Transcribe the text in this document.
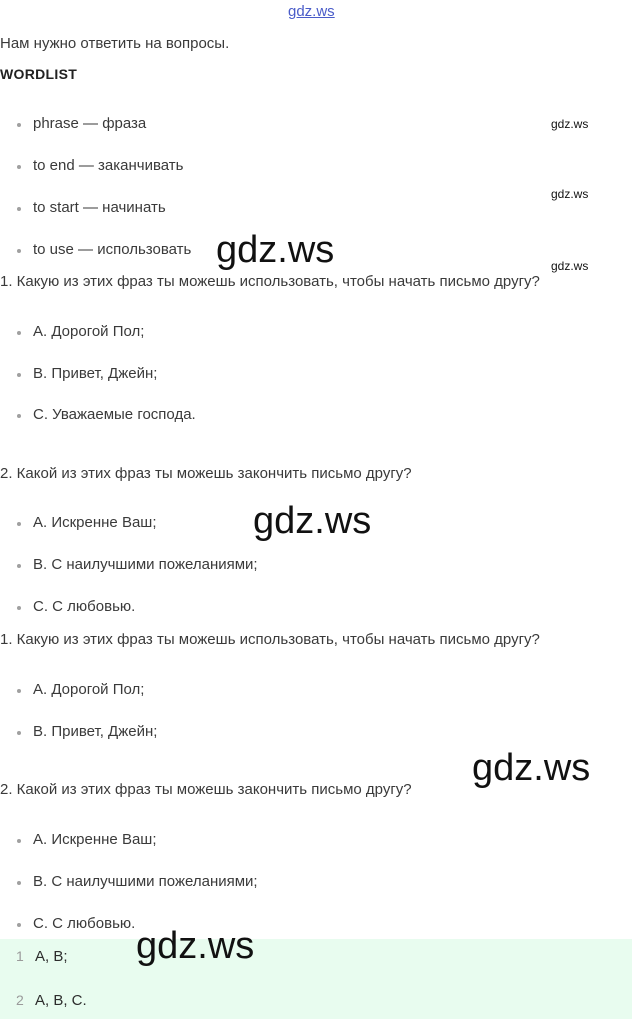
gdz.ws
Нам нужно ответить на вопросы.
WORDLIST
phrase — фраза
to end — заканчивать
to start — начинать
to use — использовать
1. Какую из этих фраз ты можешь использовать, чтобы начать письмо другу?
A. Дорогой Пол;
B. Привет, Джейн;
C. Уважаемые господа.
2. Какой из этих фраз ты можешь закончить письмо другу?
A. Искренне Ваш;
B. С наилучшими пожеланиями;
C. С любовью.
1. Какую из этих фраз ты можешь использовать, чтобы начать письмо другу?
A. Дорогой Пол;
B. Привет, Джейн;
2. Какой из этих фраз ты можешь закончить письмо другу?
A. Искренне Ваш;
B. С наилучшими пожеланиями;
C. С любовью.
1 A, B;
2 A, B, C.
gdz.ws
gdz.ws
gdz.ws
gdz.ws
gdz.ws
gdz.ws
gdz.ws
